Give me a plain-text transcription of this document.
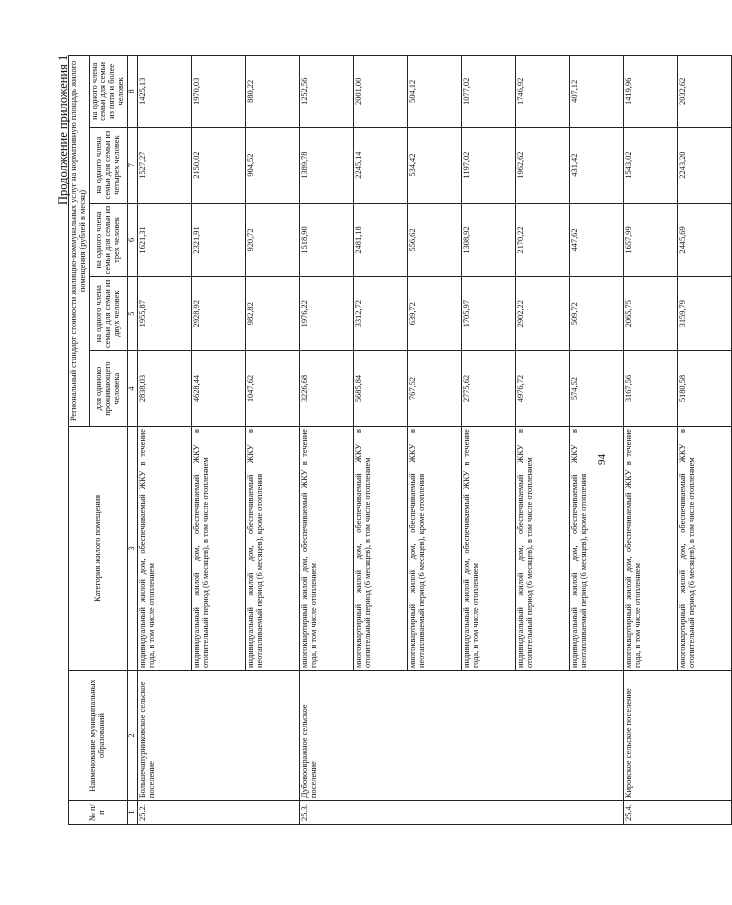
94
Продолжение приложения 1
№ п/п	Наименование муниципальных образований	Категория жилого помещения	Региональный стандарт стоимости жилищно-коммунальных услуг на нормативную площадь жилого помещения (рублей в месяц)				
			для одиноко проживающего человека	на одного члена семьи для семьи из двух человек	на одного члена семьи для семьи из трех человек	на одного члена семьи для семьи из четырех человек	на одного члена семьи для семьи из пяти и более человек
1	2	3	4	5	6	7	8
25.2.	Большечапурниковское сельское поселение	индивидуальный жилой дом, обеспечиваемый ЖКУ в течение года, в том числе отоплением	2838,03	1955,87	1621,31	1527,27	1425,13
		индивидуальный жилой дом, обеспечиваемый ЖКУ в отопительный период (6 месяцев), в том числе отоплением	4628,44	2928,92	2321,91	2150,02	1970,03
		индивидуальный жилой дом, обеспечиваемый ЖКУ в неотапливаемый период (6 месяцев), кроме отопления	1047,62	982,82	920,72	904,52	880,22
25.3.	Дубовоовражное сельское поселение	многоквартирный жилой дом, обеспечиваемый ЖКУ в течение года, в том числе отоплением	3226,68	1976,22	1518,90	1389,78	1252,56
		многоквартирный жилой дом, обеспечиваемый ЖКУ в отопительный период (6 месяцев), в том числе отоплением	5685,84	3312,72	2481,18	2245,14	2001,00
		многоквартирный жилой дом, обеспечиваемый ЖКУ в неотапливаемый период (6 месяцев), кроме отопления	767,52	639,72	556,62	534,42	504,12
		индивидуальный жилой дом, обеспечиваемый ЖКУ в течение года, в том числе отоплением	2775,62	1705,97	1308,92	1197,02	1077,02
		индивидуальный жилой дом, обеспечиваемый ЖКУ в отопительный период (6 месяцев), в том числе отоплением	4976,72	2902,22	2170,22	1962,62	1746,92
		индивидуальный жилой дом, обеспечиваемый ЖКУ в неотапливаемый период (6 месяцев), кроме отопления	574,52	509,72	447,62	431,42	407,12
25.4.	Кировское сельское поселение	многоквартирный жилой дом, обеспечиваемый ЖКУ в течение года, в том числе отоплением	3167,56	2065,75	1657,99	1543,02	1419,96
		многоквартирный жилой дом, обеспечиваемый ЖКУ в отопительный период (6 месяцев), в том числе отоплением	5180,58	3159,79	2445,69	2243,20	2032,62
